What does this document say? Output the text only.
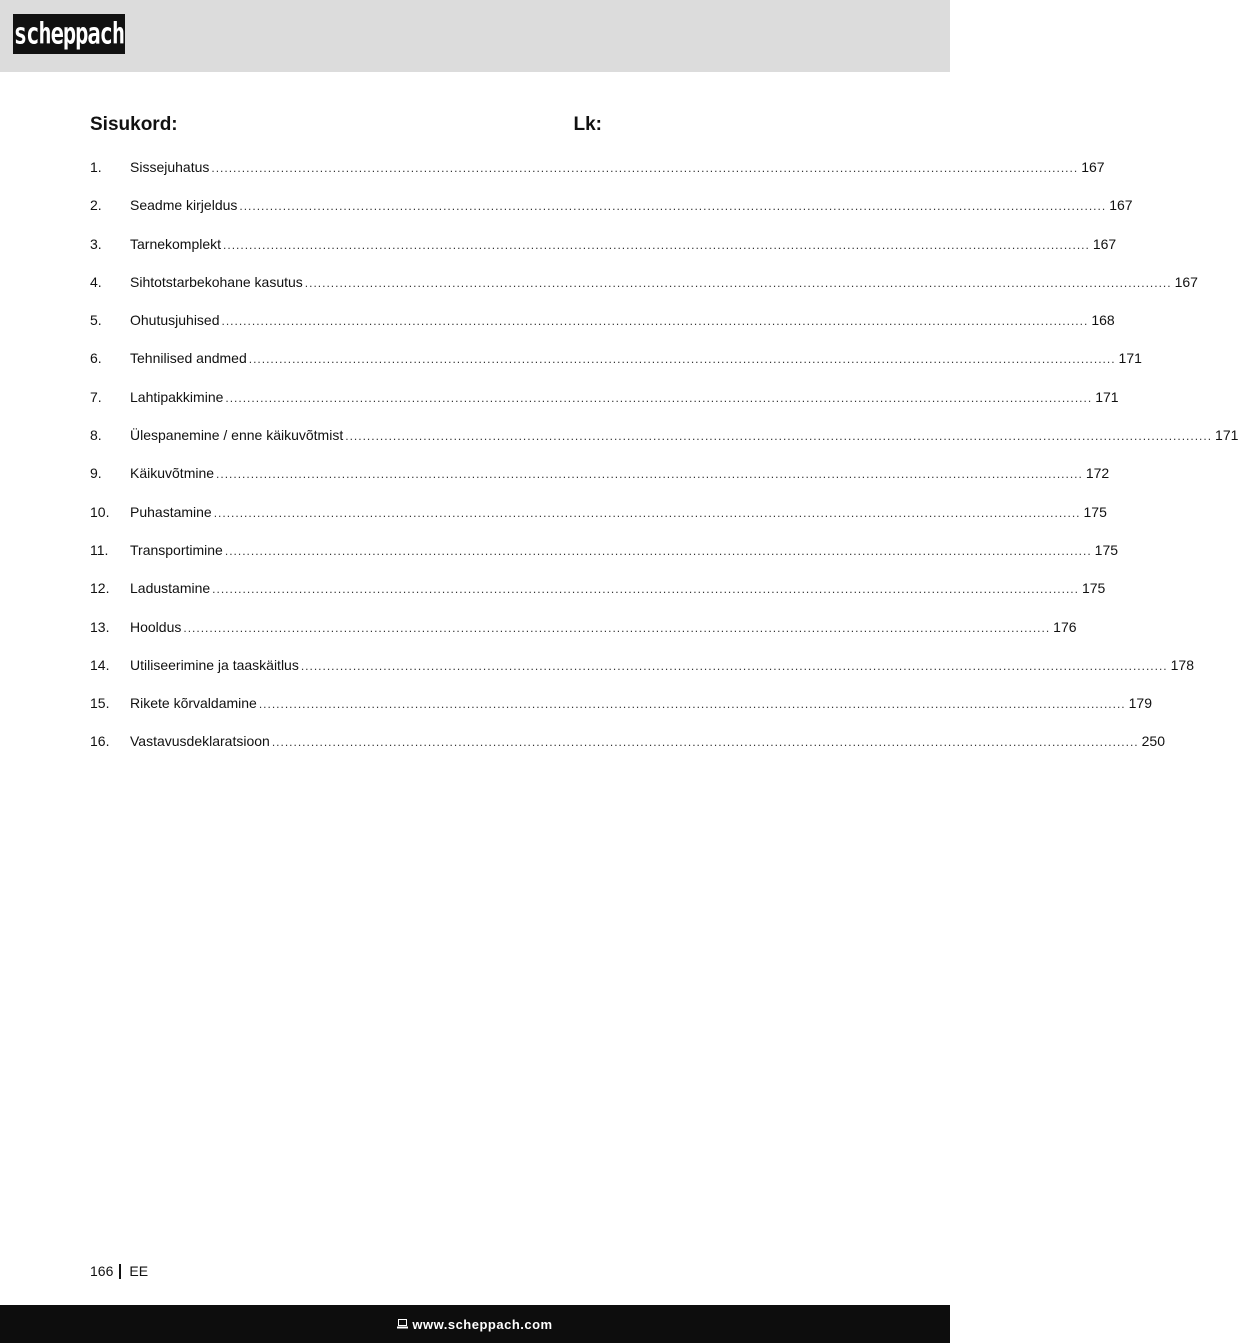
scheppach
Sisukord:	Lk:
1.	Sissejuhatus ........................................................................................................................................................................................................ 167
2.	Seadme kirjeldus ........................................................................................................................................................................................................ 167
3.	Tarnekomplekt ........................................................................................................................................................................................................ 167
4.	Sihtotstarbekohane kasutus ........................................................................................................................................................................................................ 167
5.	Ohutusjuhised ........................................................................................................................................................................................................ 168
6.	Tehnilised andmed ........................................................................................................................................................................................................ 171
7.	Lahtipakkimine ........................................................................................................................................................................................................ 171
8.	Ülespanemine / enne käikuvõtmist ........................................................................................................................................................................................................ 171
9.	Käikuvõtmine ........................................................................................................................................................................................................ 172
10.	Puhastamine ........................................................................................................................................................................................................ 175
11.	Transportimine ........................................................................................................................................................................................................ 175
12.	Ladustamine ........................................................................................................................................................................................................ 175
13.	Hooldus ........................................................................................................................................................................................................ 176
14.	Utiliseerimine ja taaskäitlus ........................................................................................................................................................................................................ 178
15.	Rikete kõrvaldamine ........................................................................................................................................................................................................ 179
16.	Vastavusdeklaratsioon ........................................................................................................................................................................................................ 250
166 EE
www.scheppach.com
